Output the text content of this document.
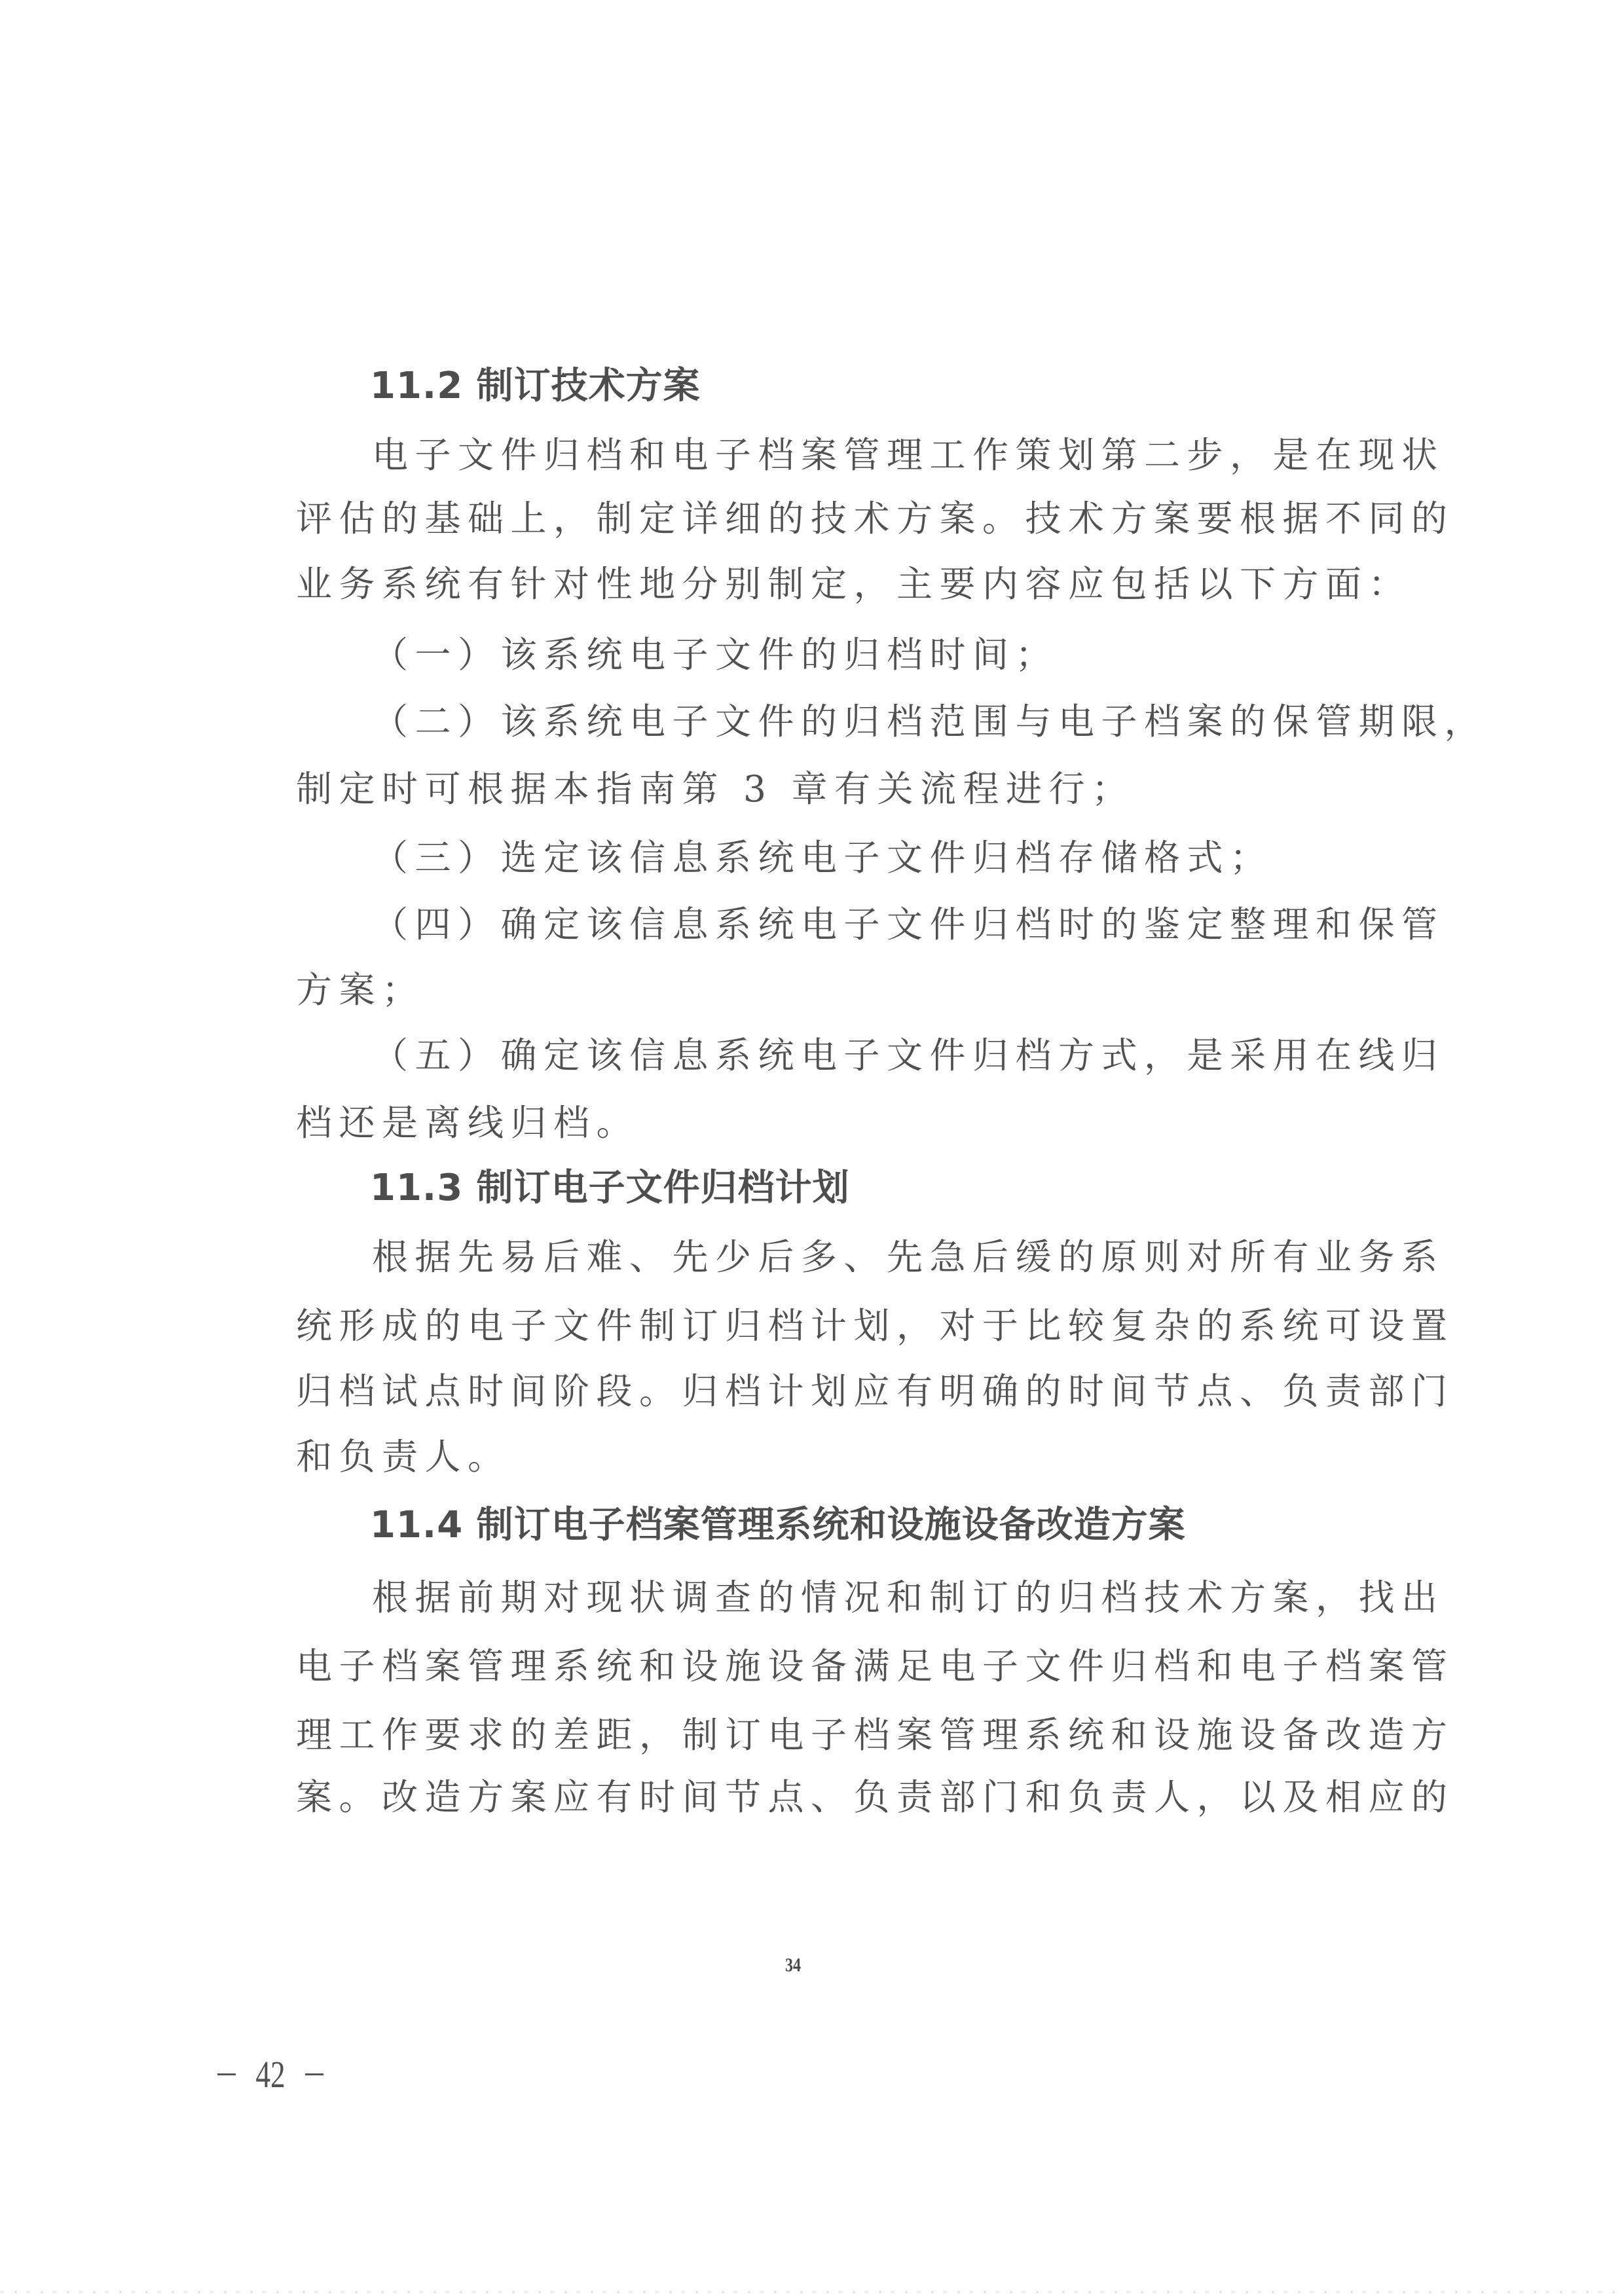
11.2 制订技术方案
电子文件归档和电子档案管理工作策划第二步，是在现状
评估的基础上，制定详细的技术方案。技术方案要根据不同的
业务系统有针对性地分别制定，主要内容应包括以下方面：
（一）该系统电子文件的归档时间；
（二）该系统电子文件的归档范围与电子档案的保管期限，
制定时可根据本指南第 3 章有关流程进行；
（三）选定该信息系统电子文件归档存储格式；
（四）确定该信息系统电子文件归档时的鉴定整理和保管
方案；
（五）确定该信息系统电子文件归档方式，是采用在线归
档还是离线归档。
11.3 制订电子文件归档计划
根据先易后难、先少后多、先急后缓的原则对所有业务系
统形成的电子文件制订归档计划，对于比较复杂的系统可设置
归档试点时间阶段。归档计划应有明确的时间节点、负责部门
和负责人。
11.4 制订电子档案管理系统和设施设备改造方案
根据前期对现状调查的情况和制订的归档技术方案，找出
电子档案管理系统和设施设备满足电子文件归档和电子档案管
理工作要求的差距，制订电子档案管理系统和设施设备改造方
案。改造方案应有时间节点、负责部门和负责人，以及相应的
34
42
